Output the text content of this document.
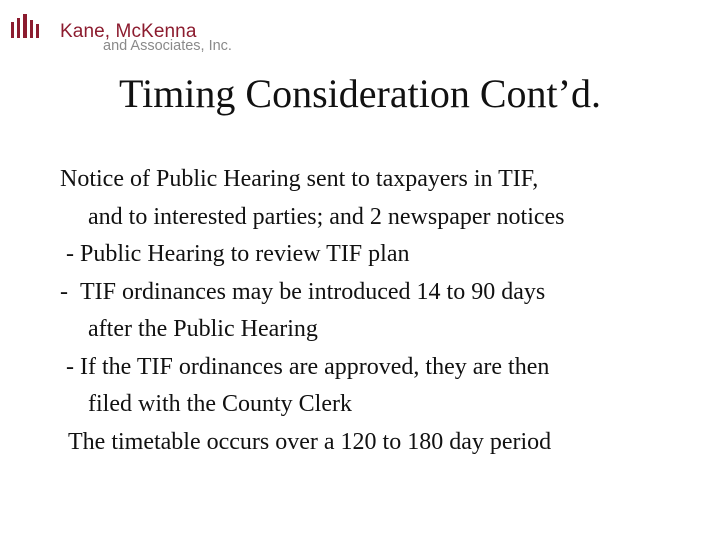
Kane, McKenna
and Associates, Inc.
Timing Consideration Cont’d.
Notice of Public Hearing sent to taxpayers in TIF,
and to interested parties; and 2 newspaper notices
- Public Hearing to review TIF plan
-  TIF ordinances may be introduced 14 to 90 days
after the Public Hearing
- If the TIF ordinances are approved, they are then
filed with the County Clerk
The timetable occurs over a 120 to 180 day period
